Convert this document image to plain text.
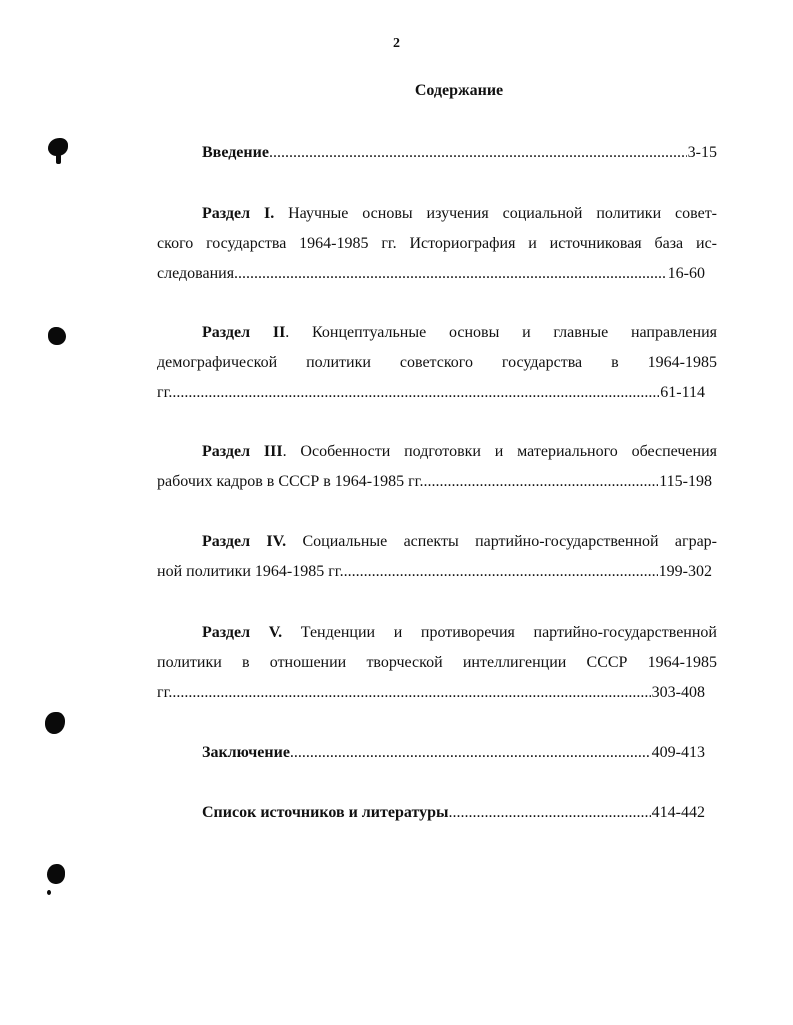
2
Содержание
Введение .....	3-15
Раздел I. Научные основы изучения социальной политики совет-
ского государства 1964-1985 гг. Историография и источниковая база ис-
следования .....	16-60
Раздел II. Концептуальные основы и главные направления
демографической политики советского государства в 1964-1985
гг. .....	61-114
Раздел III. Особенности подготовки и материального обеспечения
рабочих кадров в СССР в 1964-1985 гг. .....	115-198
Раздел IV. Социальные аспекты партийно-государственной аграр-
ной политики 1964-1985 гг. .....	199-302
Раздел V. Тенденции и противоречия партийно-государственной
политики в отношении творческой интеллигенции СССР 1964-1985
гг. .....	303-408
Заключение .....	409-413
Список источников и литературы .....	414-442
